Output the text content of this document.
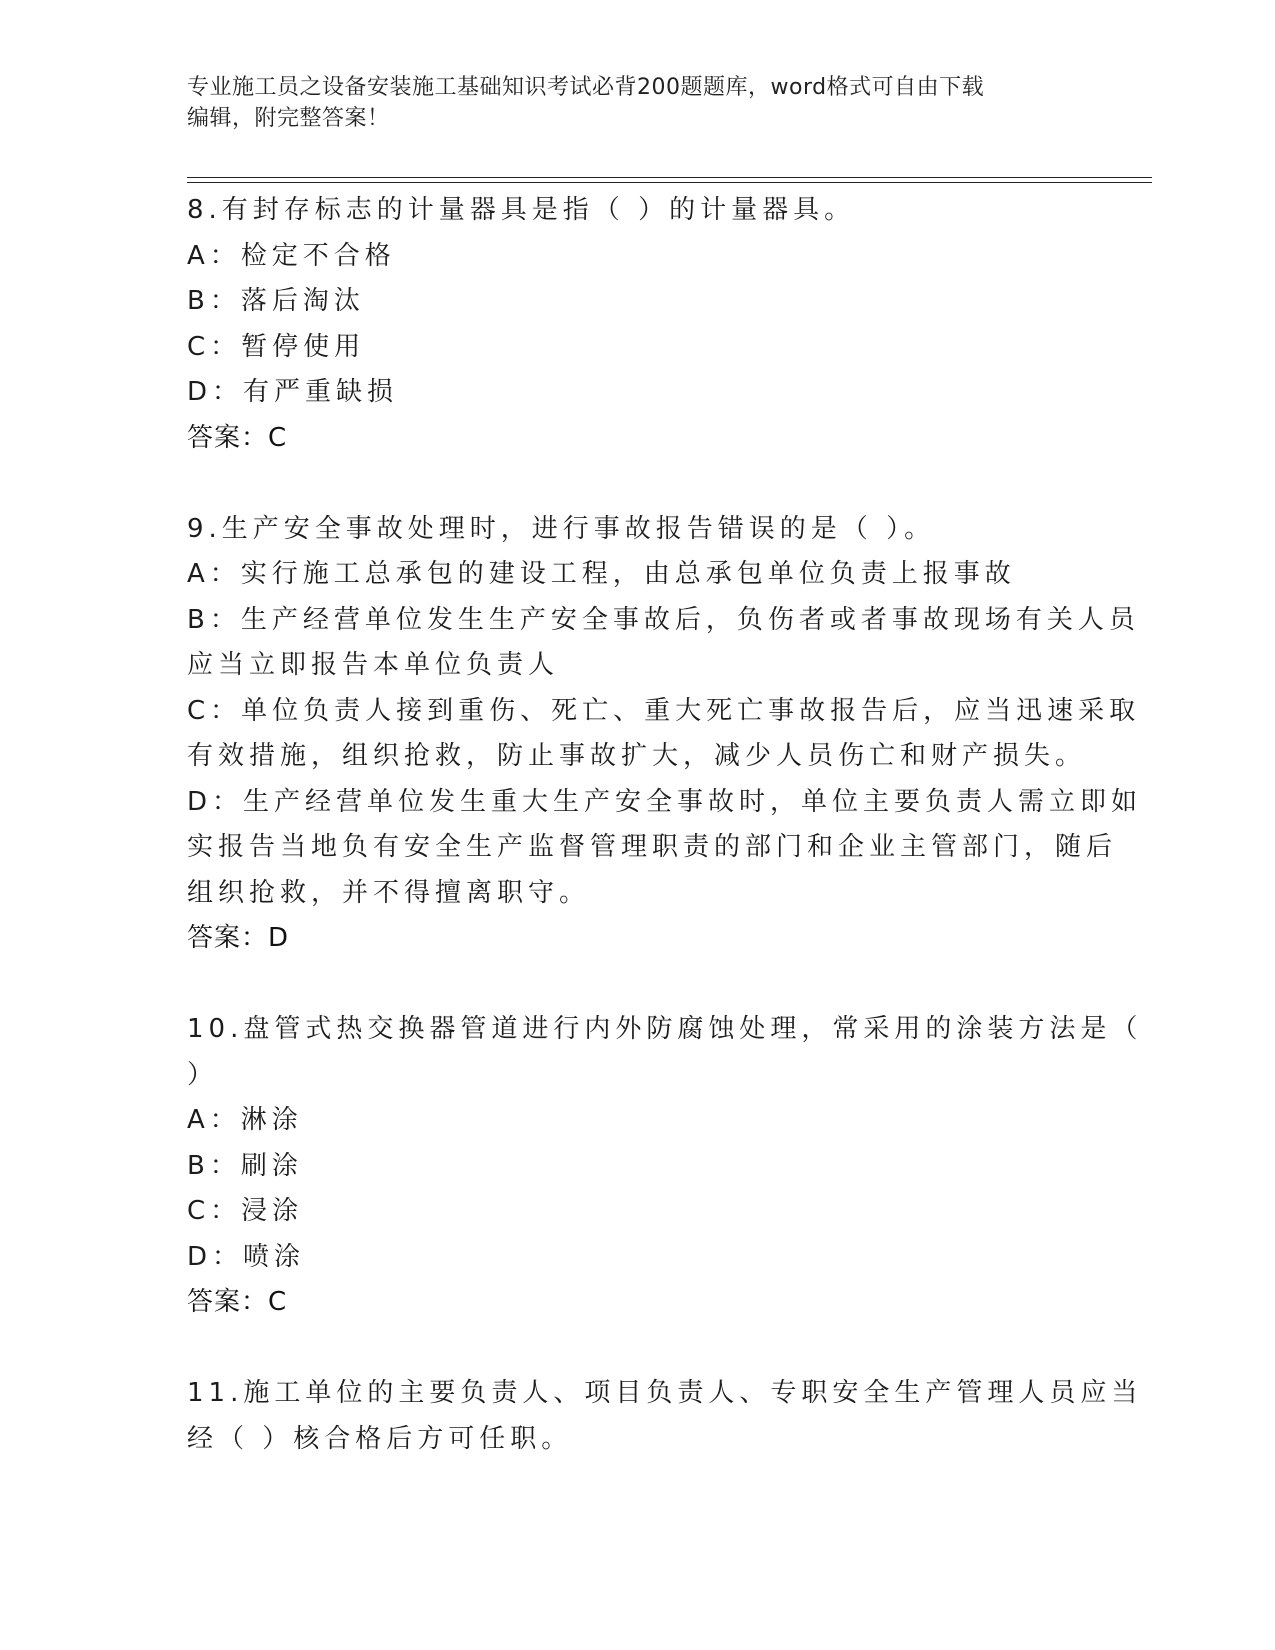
专业施工员之设备安装施工基础知识考试必背200题题库，word格式可自由下载
编辑，附完整答案！
8.有封存标志的计量器具是指（ ）的计量器具。
A：检定不合格
B：落后淘汰
C：暂停使用
D：有严重缺损
答案：C
9.生产安全事故处理时，进行事故报告错误的是（ ）。
A：实行施工总承包的建设工程，由总承包单位负责上报事故
B：生产经营单位发生生产安全事故后，负伤者或者事故现场有关人员
应当立即报告本单位负责人
C：单位负责人接到重伤、死亡、重大死亡事故报告后，应当迅速采取
有效措施，组织抢救，防止事故扩大，减少人员伤亡和财产损失。
D：生产经营单位发生重大生产安全事故时，单位主要负责人需立即如
实报告当地负有安全生产监督管理职责的部门和企业主管部门，随后
组织抢救，并不得擅离职守。
答案：D
10.盘管式热交换器管道进行内外防腐蚀处理，常采用的涂装方法是（
）
A：淋涂
B：刷涂
C：浸涂
D：喷涂
答案：C
11.施工单位的主要负责人、项目负责人、专职安全生产管理人员应当
经（ ）核合格后方可任职。
